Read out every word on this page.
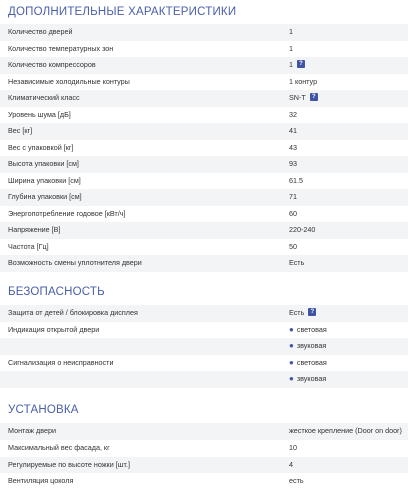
ДОПОЛНИТЕЛЬНЫЕ ХАРАКТЕРИСТИКИ
Количество дверей	1
Количество температурных зон	1
Количество компрессоров	1 ?
Независимые холодильные контуры	1 контур
Климатический класс	SN-T ?
Уровень шума [дБ]	32
Вес [кг]	41
Вес с упаковкой [кг]	43
Высота упаковки [см]	93
Ширина упаковки [см]	61.5
Глубина упаковки [см]	71
Энергопотребление годовое [кВт/ч]	60
Напряжение [В]	220-240
Частота [Гц]	50
Возможность смены уплотнителя двери	Есть
БЕЗОПАСНОСТЬ
Защита от детей / блокировка дисплея	Есть ?
Индикация открытой двери	● световая
● звуковая
Сигнализация о неисправности	● световая
● звуковая
УСТАНОВКА
Монтаж двери	жесткое крепление (Door on door)
Максимальный вес фасада, кг	10
Регулируемые по высоте ножки [шт.]	4
Вентиляция цоколя	есть
